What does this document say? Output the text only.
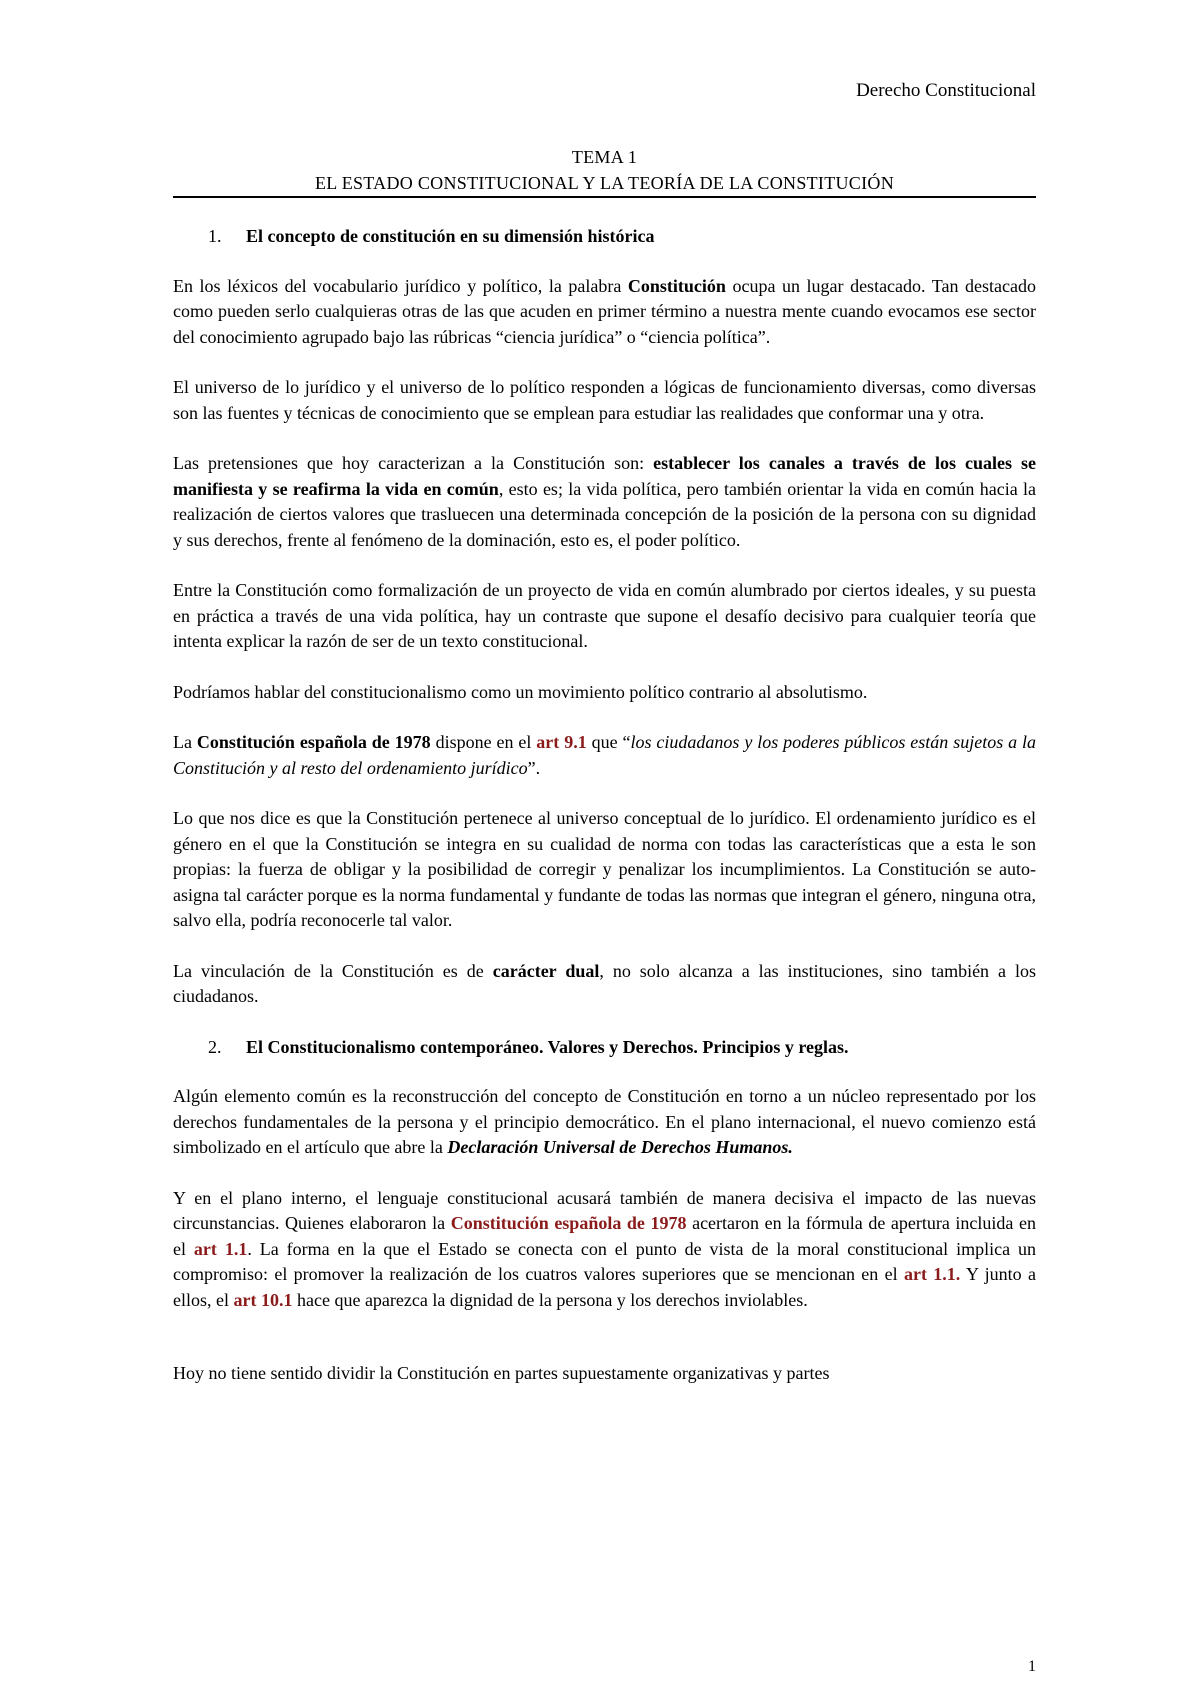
Derecho Constitucional
TEMA 1
EL ESTADO CONSTITUCIONAL Y LA TEORÍA DE LA CONSTITUCIÓN
1. El concepto de constitución en su dimensión histórica

En los léxicos del vocabulario jurídico y político, la palabra Constitución ocupa un lugar destacado. Tan destacado como pueden serlo cualquieras otras de las que acuden en primer término a nuestra mente cuando evocamos ese sector del conocimiento agrupado bajo las rúbricas “ciencia jurídica” o “ciencia política”.

El universo de lo jurídico y el universo de lo político responden a lógicas de funcionamiento diversas, como diversas son las fuentes y técnicas de conocimiento que se emplean para estudiar las realidades que conformar una y otra.

Las pretensiones que hoy caracterizan a la Constitución son: establecer los canales a través de los cuales se manifiesta y se reafirma la vida en común, esto es; la vida política, pero también orientar la vida en común hacia la realización de ciertos valores que trasluecen una determinada concepción de la posición de la persona con su dignidad y sus derechos, frente al fenómeno de la dominación, esto es, el poder político.

Entre la Constitución como formalización de un proyecto de vida en común alumbrado por ciertos ideales, y su puesta en práctica a través de una vida política, hay un contraste que supone el desafío decisivo para cualquier teoría que intenta explicar la razón de ser de un texto constitucional.

Podríamos hablar del constitucionalismo como un movimiento político contrario al absolutismo.

La Constitución española de 1978 dispone en el art 9.1 que “los ciudadanos y los poderes públicos están sujetos a la Constitución y al resto del ordenamiento jurídico”.

Lo que nos dice es que la Constitución pertenece al universo conceptual de lo jurídico. El ordenamiento jurídico es el género en el que la Constitución se integra en su cualidad de norma con todas las características que a esta le son propias: la fuerza de obligar y la posibilidad de corregir y penalizar los incumplimientos. La Constitución se auto-asigna tal carácter porque es la norma fundamental y fundante de todas las normas que integran el género, ninguna otra, salvo ella, podría reconocerle tal valor.

La vinculación de la Constitución es de carácter dual, no solo alcanza a las instituciones, sino también a los ciudadanos.

2. El Constitucionalismo contemporáneo. Valores y Derechos. Principios y reglas.

Algún elemento común es la reconstrucción del concepto de Constitución en torno a un núcleo representado por los derechos fundamentales de la persona y el principio democrático. En el plano internacional, el nuevo comienzo está simbolizado en el artículo que abre la Declaración Universal de Derechos Humanos.

Y en el plano interno, el lenguaje constitucional acusará también de manera decisiva el impacto de las nuevas circunstancias. Quienes elaboraron la Constitución española de 1978 acertaron en la fórmula de apertura incluida en el art 1.1. La forma en la que el Estado se conecta con el punto de vista de la moral constitucional implica un compromiso: el promover la realización de los cuatros valores superiores que se mencionan en el art 1.1. Y junto a ellos, el art 10.1 hace que aparezca la dignidad de la persona y los derechos inviolables.

Hoy no tiene sentido dividir la Constitución en partes supuestamente organizativas y partes

1
